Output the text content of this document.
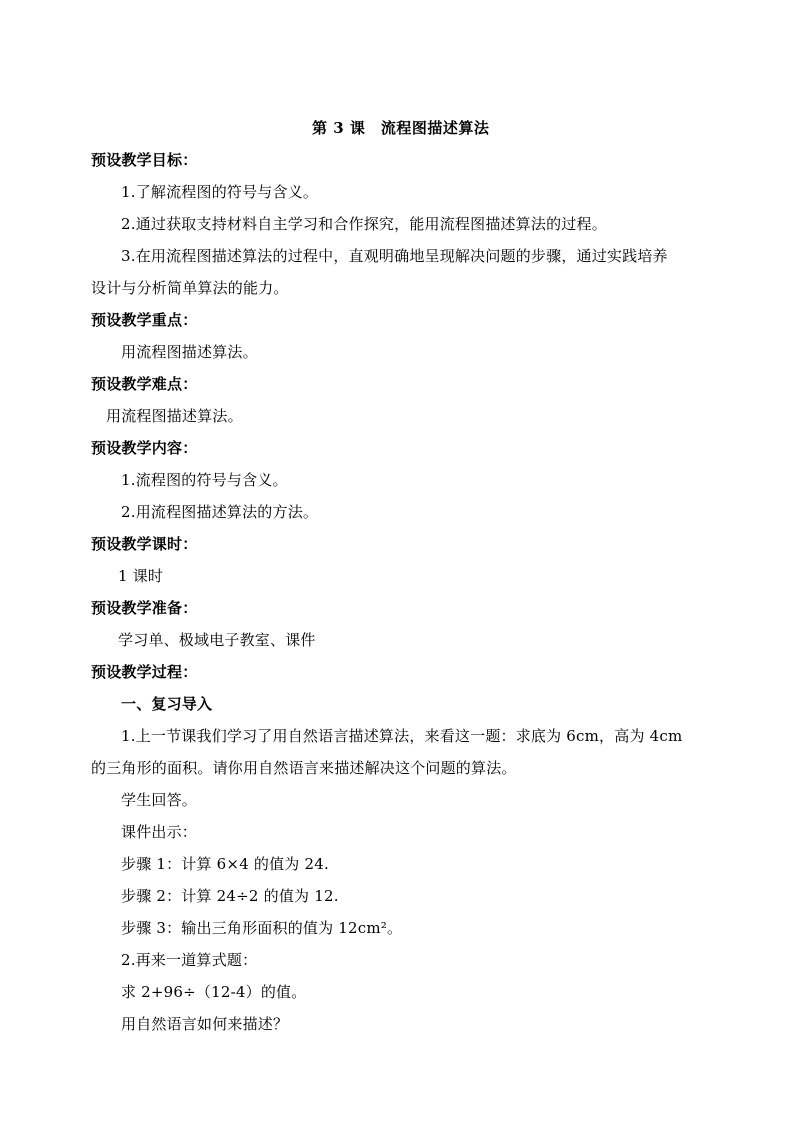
第 3 课　流程图描述算法
预设教学目标：
1.了解流程图的符号与含义。
2.通过获取支持材料自主学习和合作探究，能用流程图描述算法的过程。
3.在用流程图描述算法的过程中，直观明确地呈现解决问题的步骤，通过实践培养
设计与分析简单算法的能力。
预设教学重点：
用流程图描述算法。
预设教学难点：
用流程图描述算法。
预设教学内容：
1.流程图的符号与含义。
2.用流程图描述算法的方法。
预设教学课时：
1 课时
预设教学准备：
学习单、极域电子教室、课件
预设教学过程：
一、复习导入
1.上一节课我们学习了用自然语言描述算法，来看这一题：求底为 6cm，高为 4cm
的三角形的面积。请你用自然语言来描述解决这个问题的算法。
学生回答。
课件出示：
步骤 1：计算 6×4 的值为 24.
步骤 2：计算 24÷2 的值为 12.
步骤 3：输出三角形面积的值为 12cm²。
2.再来一道算式题：
求 2+96÷（12-4）的值。
用自然语言如何来描述？
